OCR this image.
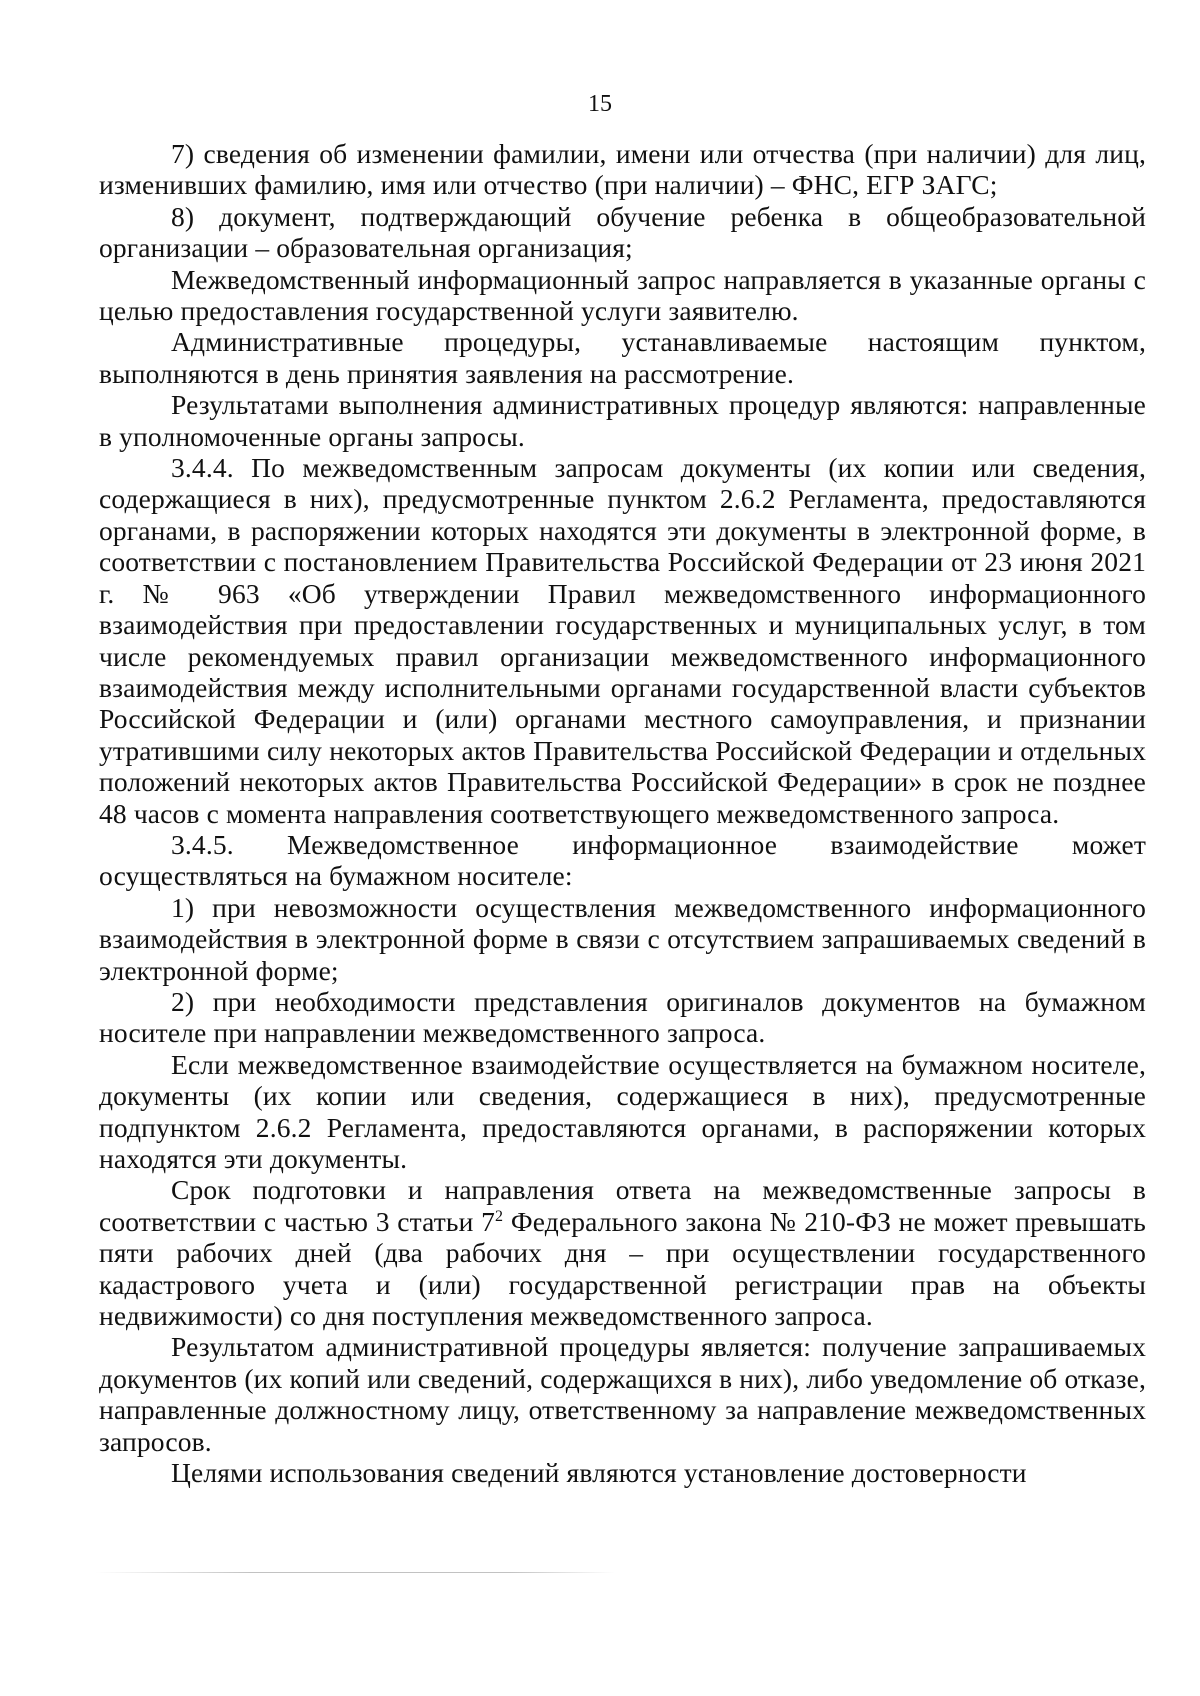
15

7) сведения об изменении фамилии, имени или отчества (при наличии) для лиц, изменивших фамилию, имя или отчество (при наличии) – ФНС, ЕГР ЗАГС;

8) документ, подтверждающий обучение ребенка в общеобразовательной организации – образовательная организация;

Межведомственный информационный запрос направляется в указанные органы с целью предоставления государственной услуги заявителю.

Административные процедуры, устанавливаемые настоящим пунктом, выполняются в день принятия заявления на рассмотрение.

Результатами выполнения административных процедур являются: направленные в уполномоченные органы запросы.

3.4.4. По межведомственным запросам документы (их копии или сведения, содержащиеся в них), предусмотренные пунктом 2.6.2 Регламента, предоставляются органами, в распоряжении которых находятся эти документы в электронной форме, в соответствии с постановлением Правительства Российской Федерации от 23 июня 2021 г. № 963 «Об утверждении Правил межведомственного информационного взаимодействия при предоставлении государственных и муниципальных услуг, в том числе рекомендуемых правил организации межведомственного информационного взаимодействия между исполнительными органами государственной власти субъектов Российской Федерации и (или) органами местного самоуправления, и признании утратившими силу некоторых актов Правительства Российской Федерации и отдельных положений некоторых актов Правительства Российской Федерации» в срок не позднее 48 часов с момента направления соответствующего межведомственного запроса.

3.4.5. Межведомственное информационное взаимодействие может осуществляться на бумажном носителе:

1) при невозможности осуществления межведомственного информационного взаимодействия в электронной форме в связи с отсутствием запрашиваемых сведений в электронной форме;

2) при необходимости представления оригиналов документов на бумажном носителе при направлении межведомственного запроса.

Если межведомственное взаимодействие осуществляется на бумажном носителе, документы (их копии или сведения, содержащиеся в них), предусмотренные подпунктом 2.6.2 Регламента, предоставляются органами, в распоряжении которых находятся эти документы.

Срок подготовки и направления ответа на межведомственные запросы в соответствии с частью 3 статьи $7^2$ Федерального закона № 210-ФЗ не может превышать пяти рабочих дней (два рабочих дня – при осуществлении государственного кадастрового учета и (или) государственной регистрации прав на объекты недвижимости) со дня поступления межведомственного запроса.

Результатом административной процедуры является: получение запрашиваемых документов (их копий или сведений, содержащихся в них), либо уведомление об отказе, направленные должностному лицу, ответственному за направление межведомственных запросов.

Целями использования сведений являются установление достоверности
